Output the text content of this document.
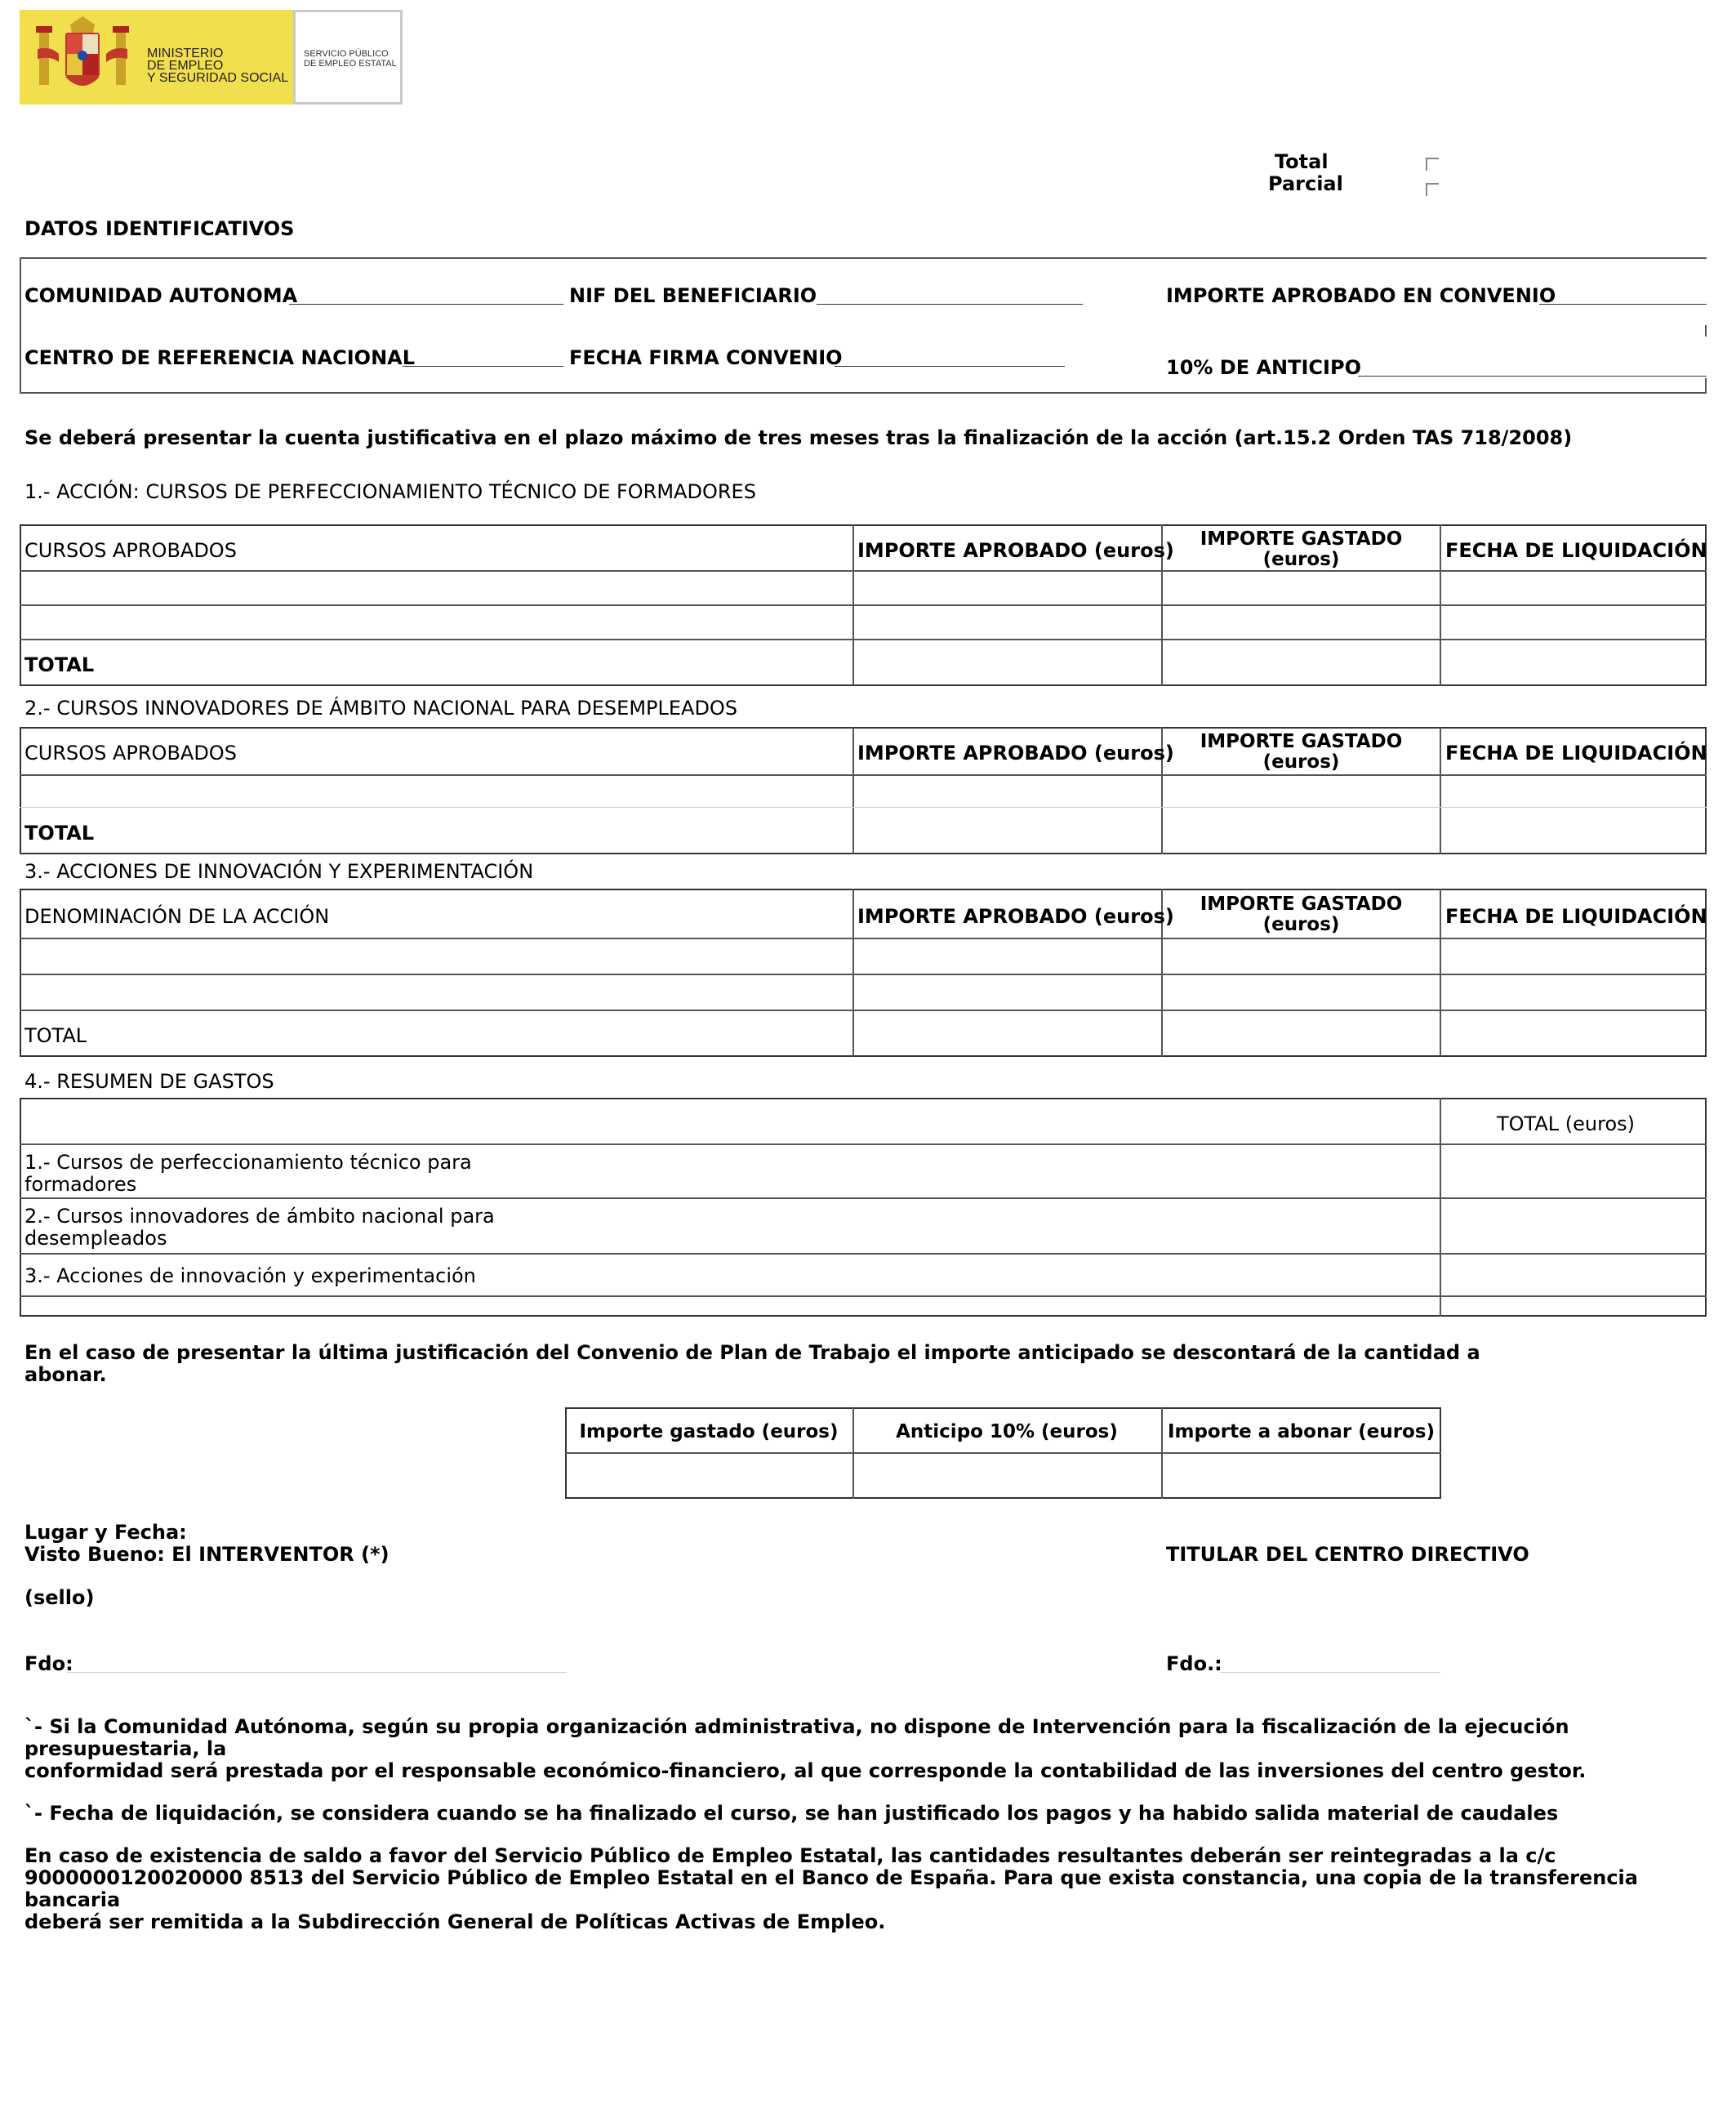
MINISTERIO
DE EMPLEO
Y SEGURIDAD SOCIAL
SERVICIO PÚBLICO
DE EMPLEO ESTATAL
Total
Parcial
DATOS IDENTIFICATIVOS
COMUNIDAD AUTONOMA	NIF DEL BENEFICIARIO	IMPORTE APROBADO EN CONVENIO
CENTRO DE REFERENCIA NACIONAL	FECHA FIRMA CONVENIO	10% DE ANTICIPO
Se deberá presentar la cuenta justificativa en el plazo máximo de tres meses tras la finalización de la acción (art.15.2 Orden TAS 718/2008)
1.- ACCIÓN: CURSOS DE PERFECCIONAMIENTO TÉCNICO DE FORMADORES
CURSOS APROBADOS	IMPORTE APROBADO (euros)	IMPORTE GASTADO
(euros)	FECHA DE LIQUIDACIÓN
TOTAL
2.- CURSOS INNOVADORES DE ÁMBITO NACIONAL PARA DESEMPLEADOS
CURSOS APROBADOS	IMPORTE APROBADO (euros)	IMPORTE GASTADO
(euros)	FECHA DE LIQUIDACIÓN
TOTAL
3.- ACCIONES DE INNOVACIÓN Y EXPERIMENTACIÓN
DENOMINACIÓN DE LA ACCIÓN	IMPORTE APROBADO (euros)
IMPORTE GASTADO
(euros)	FECHA DE LIQUIDACIÓN
TOTAL
4.- RESUMEN DE GASTOS
TOTAL (euros)
1.- Cursos de perfeccionamiento técnico para
formadores
2.- Cursos innovadores de ámbito nacional para
desempleados
3.- Acciones de innovación y experimentación
En el caso de presentar la última justificación del Convenio de Plan de Trabajo el importe anticipado se descontará de la cantidad a
abonar.
Importe gastado (euros)	Anticipo 10% (euros)	Importe a abonar (euros)
Lugar y Fecha:
Visto Bueno: El INTERVENTOR (*)	TITULAR DEL CENTRO DIRECTIVO
(sello)
Fdo:	Fdo.:
`- Si la Comunidad Autónoma, según su propia organización administrativa, no dispone de Intervención para la fiscalización de la ejecución presupuestaria, la
conformidad será prestada por el responsable económico-financiero, al que corresponde la contabilidad de las inversiones del centro gestor.
`- Fecha de liquidación, se considera cuando se ha finalizado el curso, se han justificado los pagos y ha habido salida material de caudales
En caso de existencia de saldo a favor del Servicio Público de Empleo Estatal, las cantidades resultantes deberán ser reintegradas a la c/c
9000000120020000 8513 del Servicio Público de Empleo Estatal en el Banco de España. Para que exista constancia, una copia de la transferencia bancaria
deberá ser remitida a la Subdirección General de Políticas Activas de Empleo.
